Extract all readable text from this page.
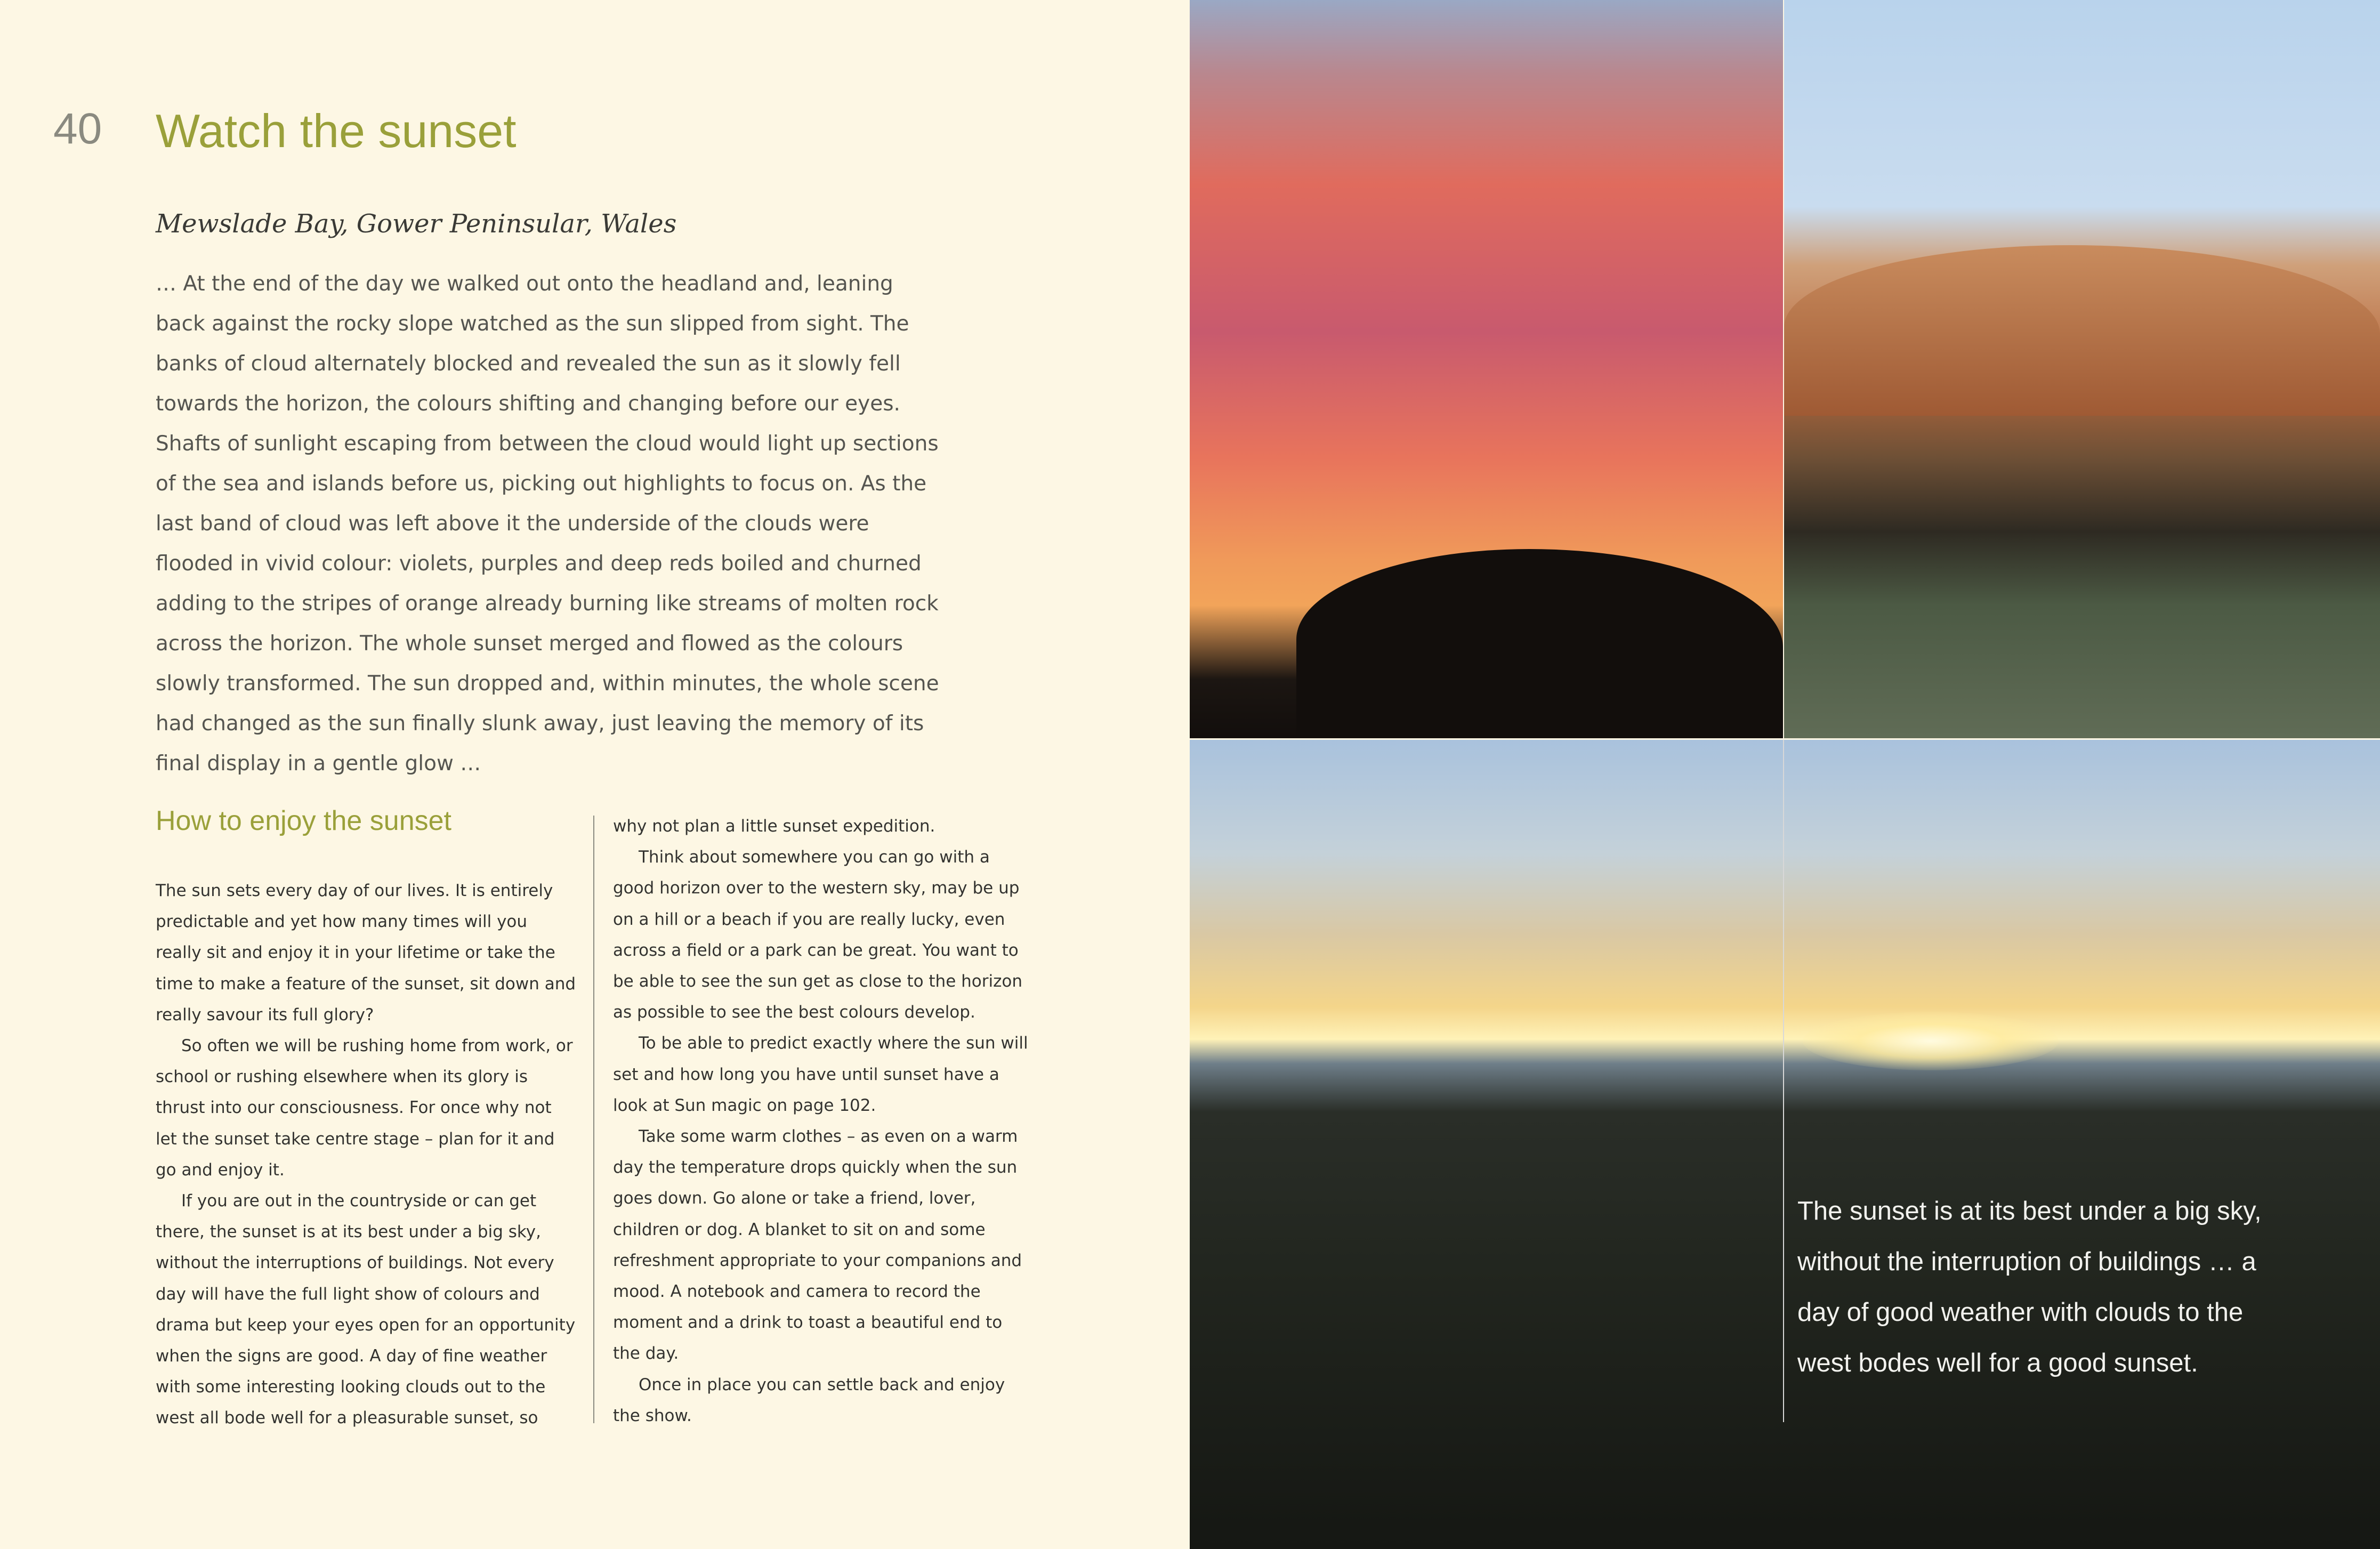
40 Watch the sunset
Mewslade Bay, Gower Peninsular, Wales

… At the end of the day we walked out onto the headland and, leaning back against the rocky slope watched as the sun slipped from sight. The banks of cloud alternately blocked and revealed the sun as it slowly fell towards the horizon, the colours shifting and changing before our eyes. Shafts of sunlight escaping from between the cloud would light up sections of the sea and islands before us, picking out highlights to focus on. As the last band of cloud was left above it the underside of the clouds were flooded in vivid colour: violets, purples and deep reds boiled and churned adding to the stripes of orange already burning like streams of molten rock across the horizon. The whole sunset merged and flowed as the colours slowly transformed. The sun dropped and, within minutes, the whole scene had changed as the sun finally slunk away, just leaving the memory of its final display in a gentle glow …

How to enjoy the sunset

The sun sets every day of our lives. It is entirely predictable and yet how many times will you really sit and enjoy it in your lifetime or take the time to make a feature of the sunset, sit down and really savour its full glory?

So often we will be rushing home from work, or school or rushing elsewhere when its glory is thrust into our consciousness. For once why not let the sunset take centre stage – plan for it and go and enjoy it.

If you are out in the countryside or can get there, the sunset is at its best under a big sky, without the interruptions of buildings. Not every day will have the full light show of colours and drama but keep your eyes open for an opportunity when the signs are good. A day of fine weather with some interesting looking clouds out to the west all bode well for a pleasurable sunset, so

why not plan a little sunset expedition.

Think about somewhere you can go with a good horizon over to the western sky, may be up on a hill or a beach if you are really lucky, even across a field or a park can be great. You want to be able to see the sun get as close to the horizon as possible to see the best colours develop.

To be able to predict exactly where the sun will set and how long you have until sunset have a look at Sun magic on page 102.

Take some warm clothes – as even on a warm day the temperature drops quickly when the sun goes down. Go alone or take a friend, lover, children or dog. A blanket to sit on and some refreshment appropriate to your companions and mood. A notebook and camera to record the moment and a drink to toast a beautiful end to the day.

Once in place you can settle back and enjoy the show.

The sunset is at its best under a big sky, without the interruption of buildings … a day of good weather with clouds to the west bodes well for a good sunset.
